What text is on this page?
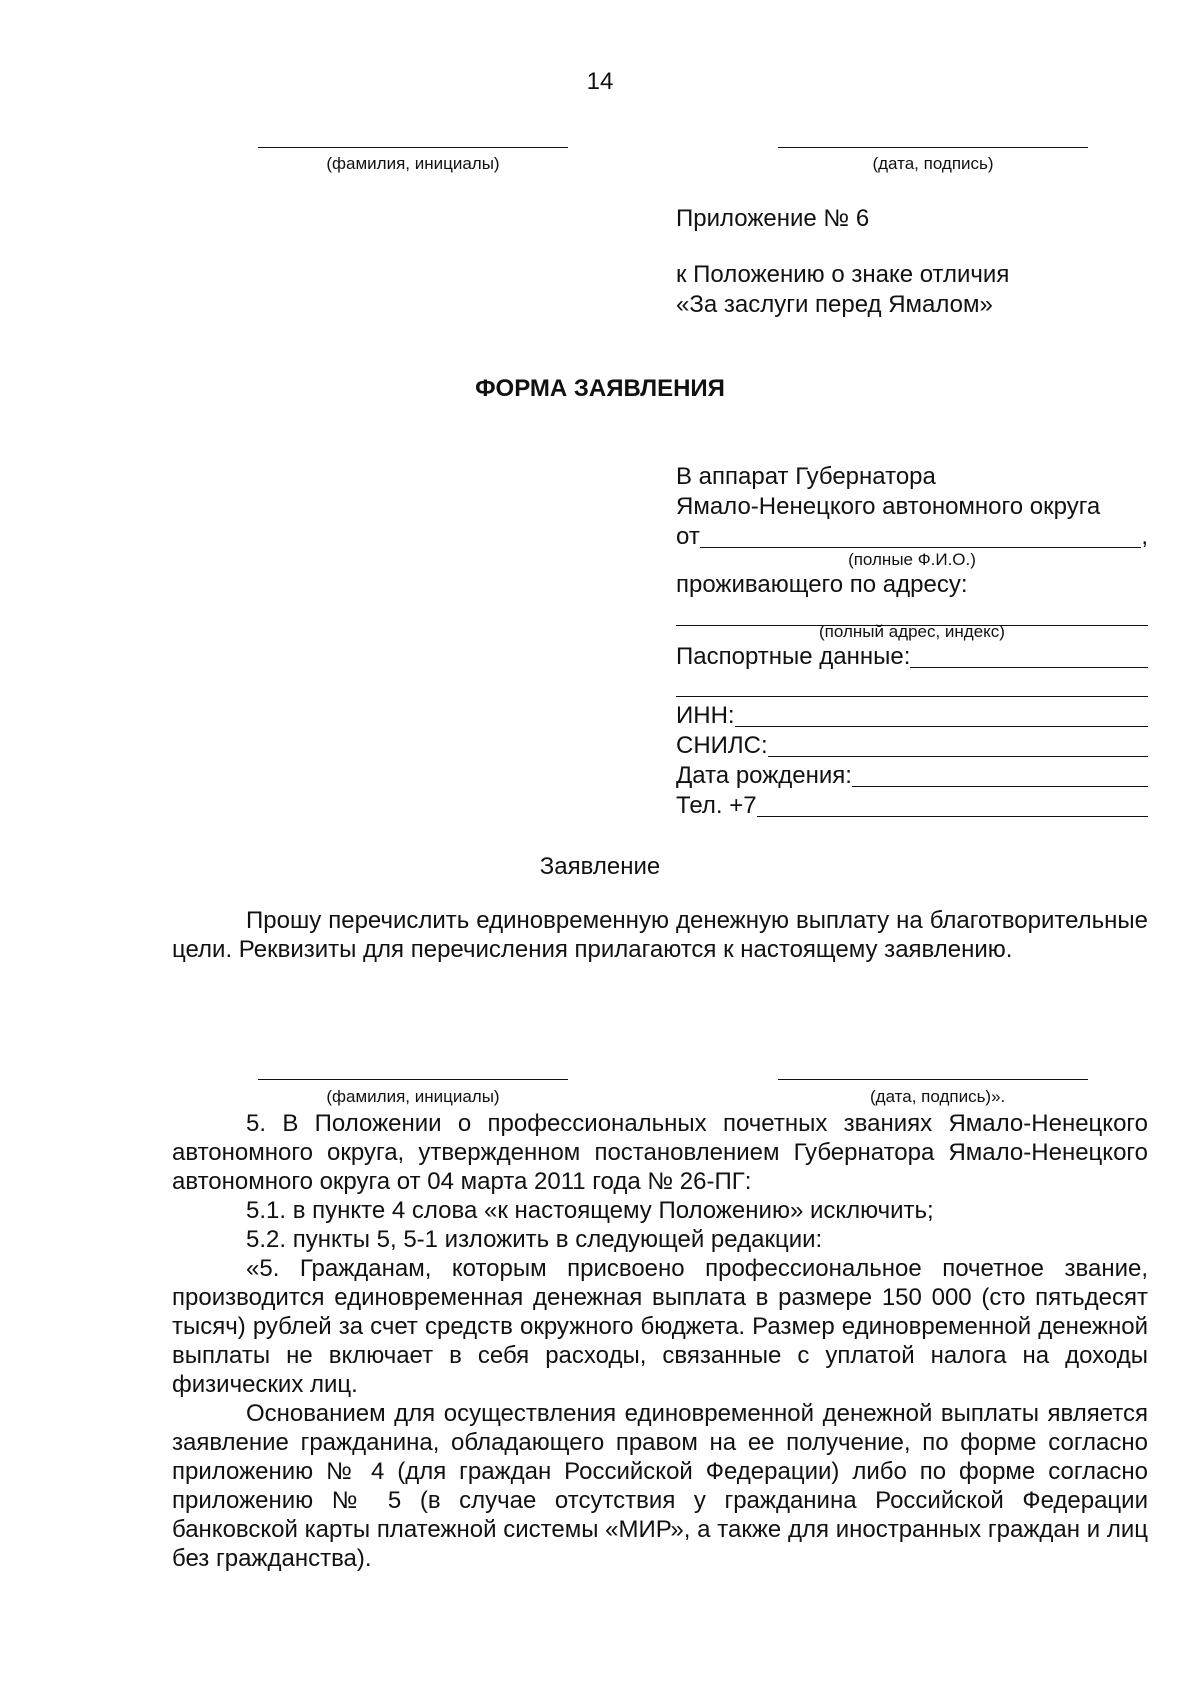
14
(фамилия, инициалы)	(дата, подпись)
Приложение № 6
к Положению о знаке отличия
«За заслуги перед Ямалом»
ФОРМА ЗАЯВЛЕНИЯ
В аппарат Губернатора
Ямало-Ненецкого автономного округа
от	,
(полные Ф.И.О.)
проживающего по адресу:
(полный адрес, индекс)
Паспортные данные:
ИНН:
СНИЛС:
Дата рождения:
Тел. +7
Заявление

Прошу перечислить единовременную денежную выплату на благотворительные цели. Реквизиты для перечисления прилагаются к настоящему заявлению.

(фамилия, инициалы)	(дата, подпись)».

5. В Положении о профессиональных почетных званиях Ямало-Ненецкого автономного округа, утвержденном постановлением Губернатора Ямало-Ненецкого автономного округа от 04 марта 2011 года № 26-ПГ:

5.1. в пункте 4 слова «к настоящему Положению» исключить;

5.2. пункты 5, 5-1 изложить в следующей редакции:

«5. Гражданам, которым присвоено профессиональное почетное звание, производится единовременная денежная выплата в размере 150 000 (сто пятьдесят тысяч) рублей за счет средств окружного бюджета. Размер единовременной денежной выплаты не включает в себя расходы, связанные с уплатой налога на доходы физических лиц.

Основанием для осуществления единовременной денежной выплаты является заявление гражданина, обладающего правом на ее получение, по форме согласно приложению № 4 (для граждан Российской Федерации) либо по форме согласно приложению № 5 (в случае отсутствия у гражданина Российской Федерации банковской карты платежной системы «МИР», а также для иностранных граждан и лиц без гражданства).
